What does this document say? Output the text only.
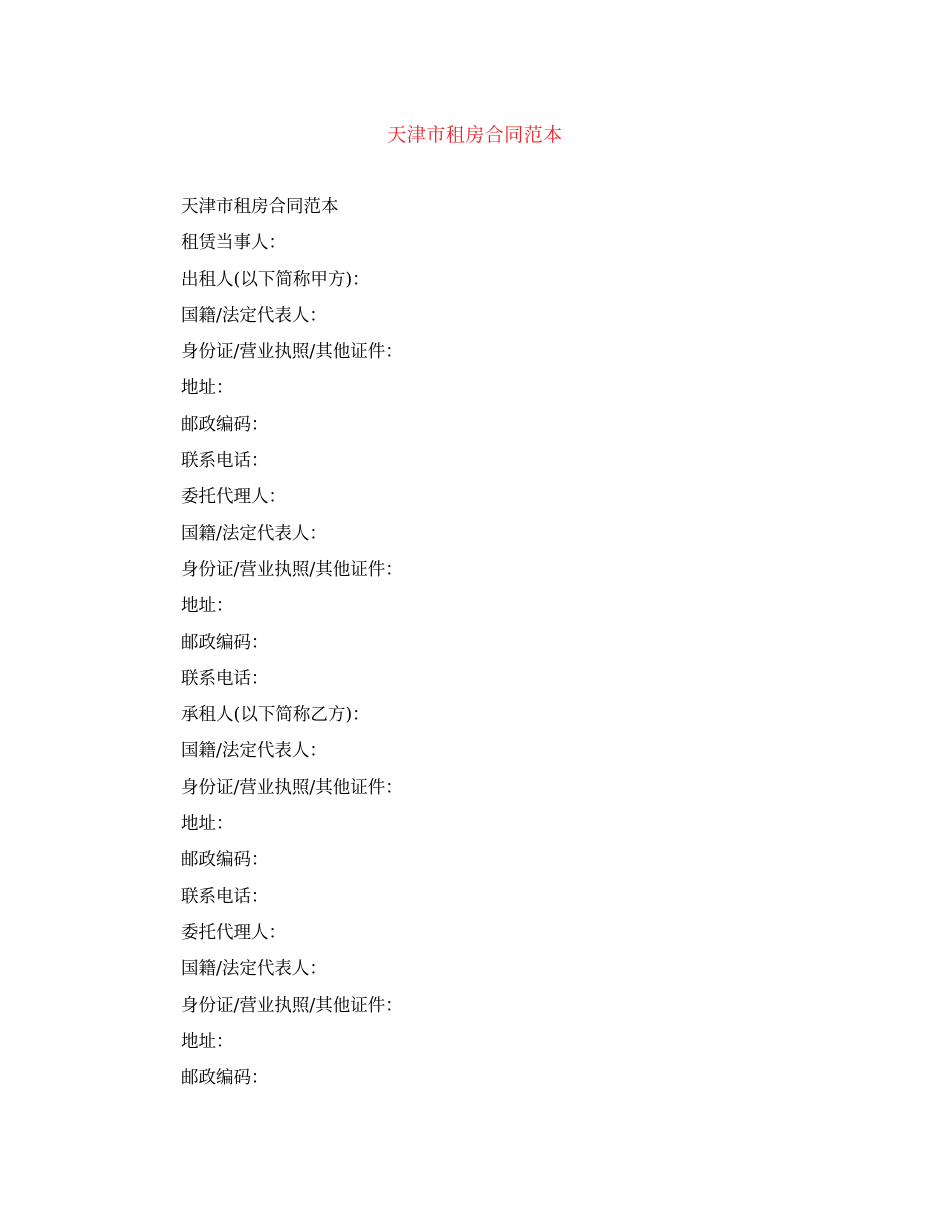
天津市租房合同范本
天津市租房合同范本
租赁当事人：
出租人(以下简称甲方)：
国籍/法定代表人：
身份证/营业执照/其他证件：
地址：
邮政编码：
联系电话：
委托代理人：
国籍/法定代表人：
身份证/营业执照/其他证件：
地址：
邮政编码：
联系电话：
承租人(以下简称乙方)：
国籍/法定代表人：
身份证/营业执照/其他证件：
地址：
邮政编码：
联系电话：
委托代理人：
国籍/法定代表人：
身份证/营业执照/其他证件：
地址：
邮政编码：
